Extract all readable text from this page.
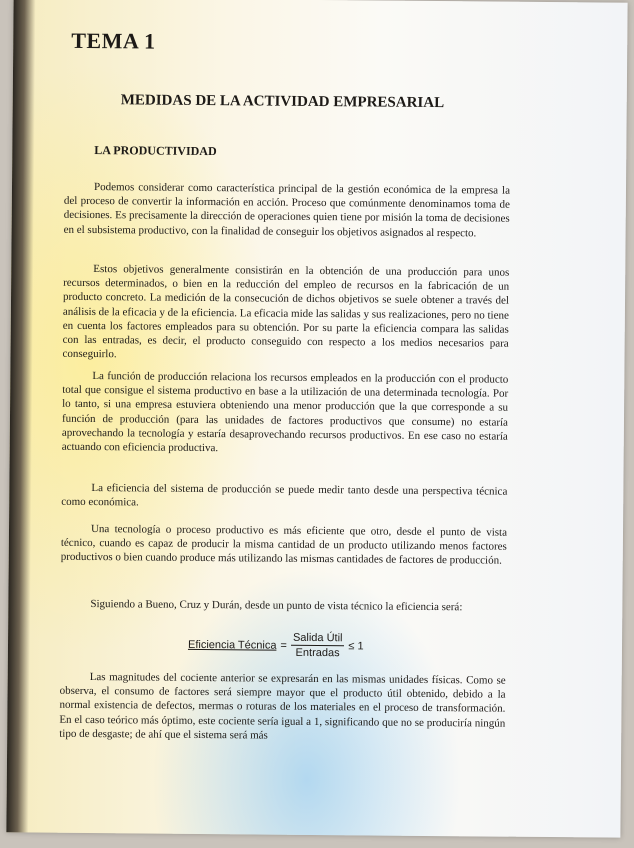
TEMA 1
MEDIDAS DE LA ACTIVIDAD EMPRESARIAL
LA PRODUCTIVIDAD

Podemos considerar como característica principal de la gestión económica de la empresa la del proceso de convertir la información en acción. Proceso que comúnmente denominamos toma de decisiones. Es precisamente la dirección de operaciones quien tiene por misión la toma de decisiones en el subsistema productivo, con la finalidad de conseguir los objetivos asignados al respecto.

Estos objetivos generalmente consistirán en la obtención de una producción para unos recursos determinados, o bien en la reducción del empleo de recursos en la fabricación de un producto concreto. La medición de la consecución de dichos objetivos se suele obtener a través del análisis de la eficacia y de la eficiencia. La eficacia mide las salidas y sus realizaciones, pero no tiene en cuenta los factores empleados para su obtención. Por su parte la eficiencia compara las salidas con las entradas, es decir, el producto conseguido con respecto a los medios necesarios para conseguirlo.

La función de producción relaciona los recursos empleados en la producción con el producto total que consigue el sistema productivo en base a la utilización de una determinada tecnología. Por lo tanto, si una empresa estuviera obteniendo una menor producción que la que corresponde a su función de producción (para las unidades de factores productivos que consume) no estaría aprovechando la tecnología y estaría desaprovechando recursos productivos. En ese caso no estaría actuando con eficiencia productiva.

La eficiencia del sistema de producción se puede medir tanto desde una perspectiva técnica como económica.

Una tecnología o proceso productivo es más eficiente que otro, desde el punto de vista técnico, cuando es capaz de producir la misma cantidad de un producto utilizando menos factores productivos o bien cuando produce más utilizando las mismas cantidades de factores de producción.

Siguiendo a Bueno, Cruz y Durán, desde un punto de vista técnico la eficiencia será:

Eficiencia Técnica = $\frac{\text{Salida Útil}}{\text{Entradas}} \le 1$

Las magnitudes del cociente anterior se expresarán en las mismas unidades físicas. Como se observa, el consumo de factores será siempre mayor que el producto útil obtenido, debido a la normal existencia de defectos, mermas o roturas de los materiales en el proceso de transformación. En el caso teórico más óptimo, este cociente sería igual a 1, significando que no se produciría ningún tipo de desgaste; de ahí que el sistema será más
